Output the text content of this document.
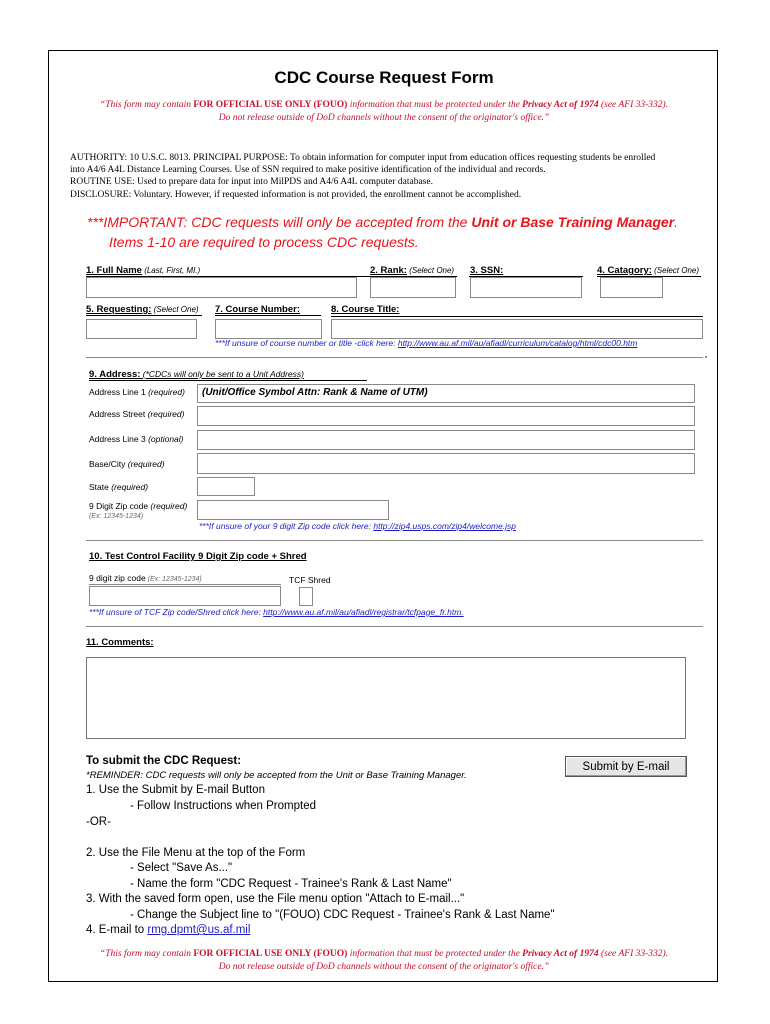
CDC Course Request Form
“This form may contain FOR OFFICIAL USE ONLY (FOUO) information that must be protected under the Privacy Act of 1974 (see AFI 33-332).
Do not release outside of DoD channels without the consent of the originator's office.”
AUTHORITY: 10 U.S.C. 8013. PRINCIPAL PURPOSE: To obtain information for computer input from education offices requesting students be enrolled
into A4/6 A4L Distance Learning Courses. Use of SSN required to make positive identification of the individual and records.
ROUTINE USE: Used to prepare data for input into MilPDS and A4/6 A4L computer database.
DISCLOSURE: Voluntary. However, if requested information is not provided, the enrollment cannot be accomplished.
***IMPORTANT: CDC requests will only be accepted from the Unit or Base Training Manager.
Items 1-10 are required to process CDC requests.
1. Full Name (Last, First, MI.)	2. Rank: (Select One) 3. SSN:	4. Catagory: (Select One)
5. Requesting: (Select One) 7. Course Number:	8. Course Title:
***If unsure of course number or title -click here: http://www.au.af.mil/au/afiadl/curriculum/catalog/html/cdc00.htm
9. Address: (*CDCs will only be sent to a Unit Address)
Address Line 1 (required)	(Unit/Office Symbol Attn: Rank & Name of UTM)
Address Street (required)
Address Line 3 (optional)
Base/City (required)
State (required)
9 Digit Zip code (required)
(Ex: 12345-1234)
***If unsure of your 9 digit Zip code click here: http://zip4.usps.com/zip4/welcome.jsp
10. Test Control Facility 9 Digit Zip code + Shred
9 digit zip code (Ex: 12345-1234)	TCF Shred
***If unsure of TCF Zip code/Shred click here: http://www.au.af.mil/au/afiadl/registrar/tcfpage_fr.htm.
11. Comments:
To submit the CDC Request:
*REMINDER: CDC requests will only be accepted from the Unit or Base Training Manager.
Submit by E-mail
1. Use the Submit by E-mail Button
- Follow Instructions when Prompted
-OR-
2. Use the File Menu at the top of the Form
- Select "Save As..."
- Name the form "CDC Request - Trainee's Rank & Last Name"
3. With the saved form open, use the File menu option "Attach to E-mail..."
- Change the Subject line to "(FOUO) CDC Request - Trainee's Rank & Last Name"
4. E-mail to rmg.dpmt@us.af.mil
“This form may contain FOR OFFICIAL USE ONLY (FOUO) information that must be protected under the Privacy Act of 1974 (see AFI 33-332).
Do not release outside of DoD channels without the consent of the originator's office.”
